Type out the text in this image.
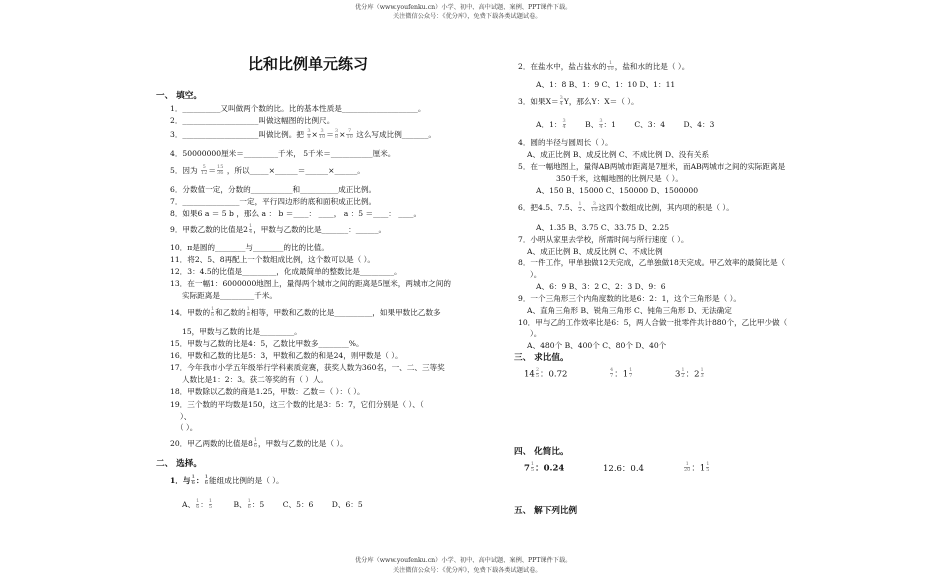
优分库（www.youfenku.cn）小学、初中、高中试题、案例、PPT课件下载。
关注微信公众号：《优分库》，免费下载各类试题试卷。
比和比例单元练习
一、 填空。
1．__________又叫做两个数的比。比的基本性质是____________________。
2．____________________叫做这幅图的比例尺。
3．____________________叫做比例。把 $\frac{3}{8} \times \frac{3}{10} = \frac{3}{8} \times \frac{7}{10}$ 这么写成比例_______。
4．50000000厘米＝_________千米， 5千米＝___________厘米。
5．因为 $\frac{5}{12} = \frac{15}{36}$ ，所以_____×______＝______×______。
6．分数值一定，分数的___________和__________成正比例。
7．_______________一定，平行四边形的底和面积成正比例。
8．如果6 a ＝ 5 b ，那么 a ： b ＝____： ____， a ：5 ＝____： ____。
9．甲数乙数的比值是$2 \frac{1}{4}$ ，甲数与乙数的比是_______：______。
10．π是圆的________与________的比的比值。
11．将2、5、8再配上一个数组成比例，这个数可以是（ ）。
12．3：4.5的比值是_________，化成最简单的整数比是_________。
13．在一幅1：6000000地图上，量得两个城市之间的距离是5厘米，两城市之间的
实际距离是_________千米。
14．甲数的 $\frac{1}{6}$ 和乙数的 $\frac{1}{8}$ 相等，甲数和乙数的比是__________，如果甲数比乙数多
15，甲数与乙数的比是_________。
15．甲数与乙数的比是4：5，乙数比甲数多________%。
16．甲数和乙数的比是5：3，甲数和乙数的和是24，则甲数是（ ）。
17．今年我市小学五年级举行学科素质竞赛，获奖人数为360名，一、二、三等奖
人数比是1：2：3。获二等奖的有（ ）人。
18．甲数除以乙数的商是1.25，甲数：乙数＝（ ）：（ ）。
19．三个数的平均数是150，这三个数的比是3：5：7，它们分别是（ ）、（
）、
（ ）。
20．甲乙两数的比值是$8 \frac{1}{6}$ ，甲数与乙数的比是（ ）。
二、 选择。
1．与 $\frac{1}{6}$ ： $\frac{1}{6}$ 能组成比例的是（ ）。
A、 $\frac{1}{6}$ ： $\frac{1}{5}$	B、 $\frac{1}{6}$ ：5 C、5：6 D、6：5
2．在盐水中，盐占盐水的 $\frac{1}{10}$ ，盐和水的比是（ ）。
A、1：8 B、1：9 C、1：10 D、1：11
3．如果$X= \frac{3}{4}$ Y，那么Y：X＝（ ）。
A．1： $\frac{3}{4}$	B、 $\frac{3}{4}$ ：1 C、3：4 D、4：3
4．圆的半径与圆周长（ ）。
A、成正比例 B、成反比例 C、不成比例 D、没有关系
5．在一幅地图上，量得AB两城市距离是7厘米，而AB两城市之间的实际距离是
350千米，这幅地图的比例尺是（ ）。
A、150 B、15000 C、150000 D、1500000
6．把4.5、7.5、 $\frac{1}{2}$ 、 $\frac{3}{10}$ 这四个数组成比例，其内项的积是（ ）。
A、1.35 B、3.75 C、33.75 D、2.25
7．小明从家里去学校，所需时间与所行速度（ ）。
A、成正比例 B、成反比例 C、不成比例
8．一件工作，甲单独做12天完成，乙单独做18天完成。甲乙效率的最简比是（
）。
A、6：9 B、3：2 C、2：3 D、9：6
9．一个三角形三个内角度数的比是6：2：1，这个三角形是（ ）。
A、直角三角形 B、锐角三角形 C、钝角三角形 D、无法确定
10．甲与乙的工作效率比是6：5，两人合做一批零件共计880个，乙比甲少做（
）。
A、480个 B、400个 C、80个 D、40个
三、 求比值。
$14 \frac{2}{5}$ ：0.72	$\frac{4}{7}$ ：$1 \frac{1}{7}$	$3 \frac{1}{2}$ ：$2 \frac{1}{3}$
四、 化简比。
$7 \frac{1}{5}$ ：0.24	12.6：0.4	$\frac{1}{20}$ ：$1 \frac{1}{5}$
五、 解下列比例
优分库（www.youfenku.cn）小学、初中、高中试题、案例、PPT课件下载。
关注微信公众号：《优分库》，免费下载各类试题试卷。
